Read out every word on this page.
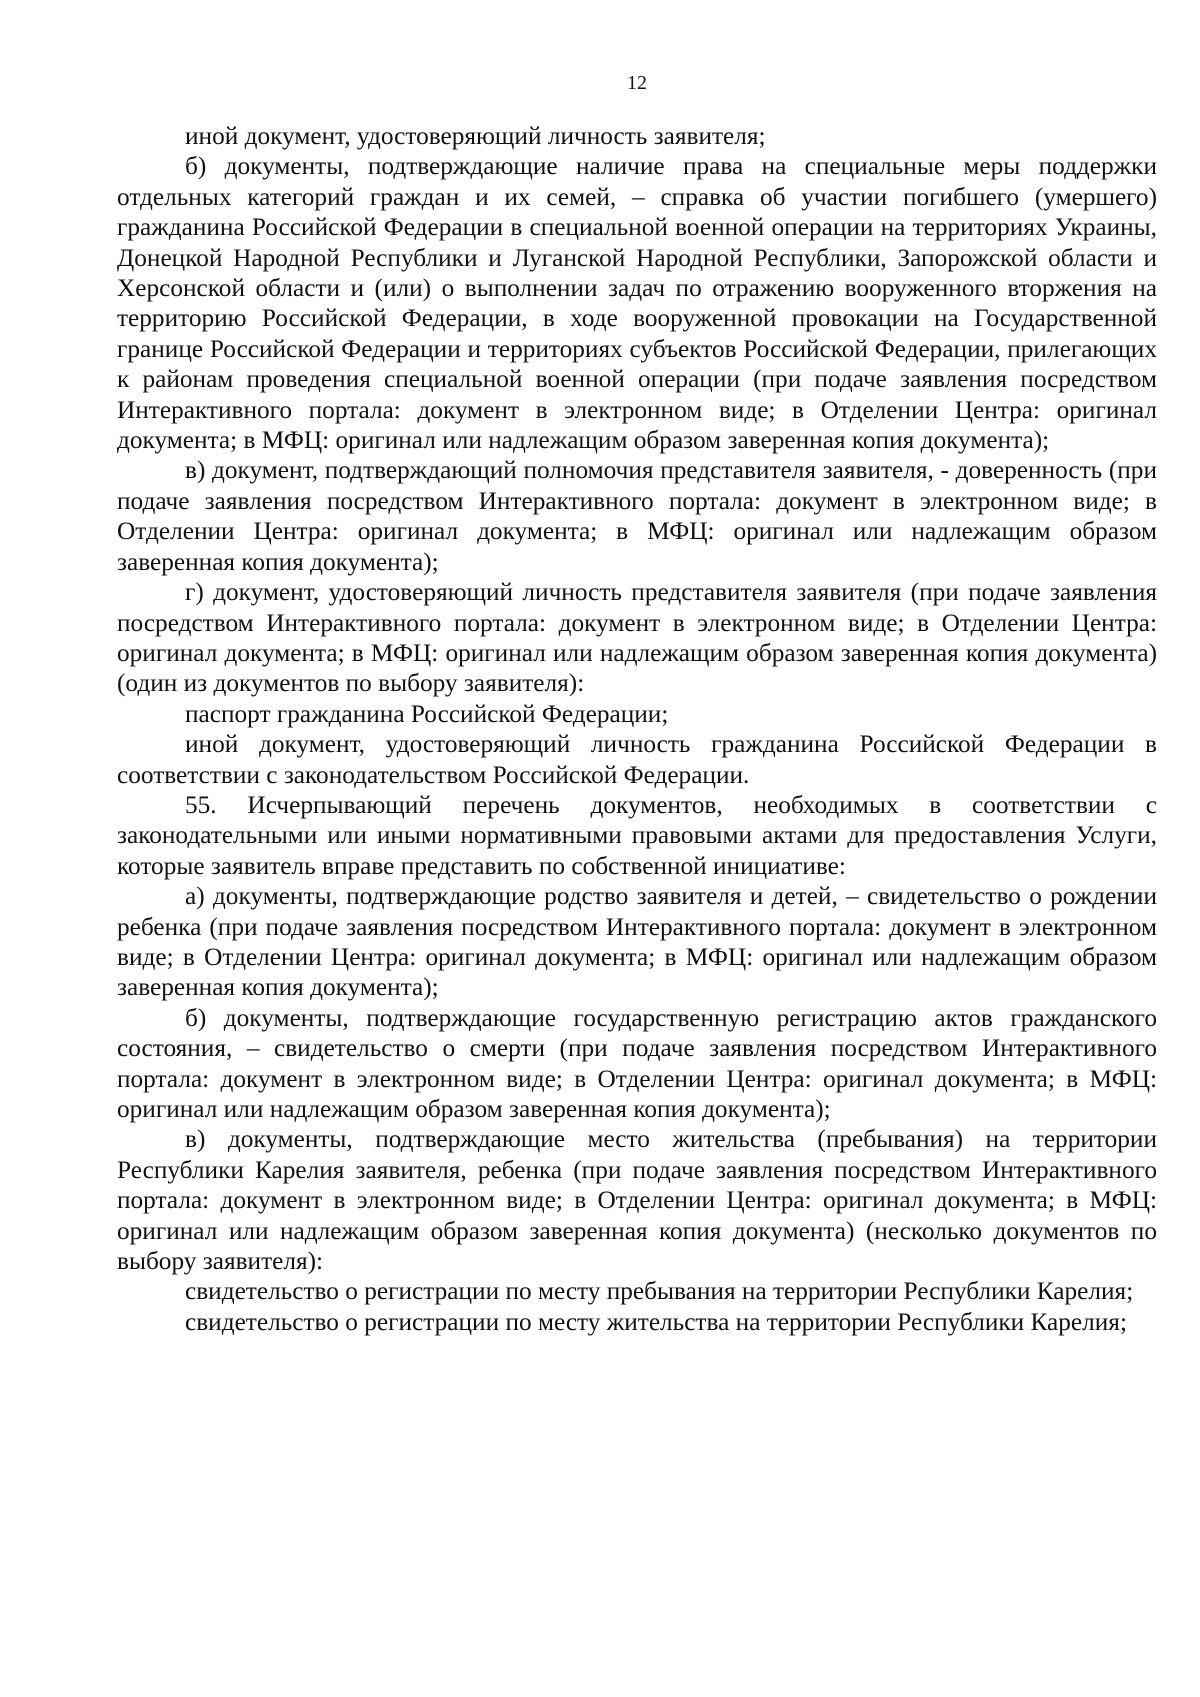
12

иной документ, удостоверяющий личность заявителя;

б) документы, подтверждающие наличие права на специальные меры поддержки отдельных категорий граждан и их семей, – справка об участии погибшего (умершего) гражданина Российской Федерации в специальной военной операции на территориях Украины, Донецкой Народной Республики и Луганской Народной Республики, Запорожской области и Херсонской области и (или) о выполнении задач по отражению вооруженного вторжения на территорию Российской Федерации, в ходе вооруженной провокации на Государственной границе Российской Федерации и территориях субъектов Российской Федерации, прилегающих к районам проведения специальной военной операции (при подаче заявления посредством Интерактивного портала: документ в электронном виде; в Отделении Центра: оригинал документа; в МФЦ: оригинал или надлежащим образом заверенная копия документа);

в) документ, подтверждающий полномочия представителя заявителя, - доверенность (при подаче заявления посредством Интерактивного портала: документ в электронном виде; в Отделении Центра: оригинал документа; в МФЦ: оригинал или надлежащим образом заверенная копия документа);

г) документ, удостоверяющий личность представителя заявителя (при подаче заявления посредством Интерактивного портала: документ в электронном виде; в Отделении Центра: оригинал документа; в МФЦ: оригинал или надлежащим образом заверенная копия документа) (один из документов по выбору заявителя):

паспорт гражданина Российской Федерации;

иной документ, удостоверяющий личность гражданина Российской Федерации в соответствии с законодательством Российской Федерации.

55. Исчерпывающий перечень документов, необходимых в соответствии с законодательными или иными нормативными правовыми актами для предоставления Услуги, которые заявитель вправе представить по собственной инициативе:

а) документы, подтверждающие родство заявителя и детей, – свидетельство о рождении ребенка (при подаче заявления посредством Интерактивного портала: документ в электронном виде; в Отделении Центра: оригинал документа; в МФЦ: оригинал или надлежащим образом заверенная копия документа);

б) документы, подтверждающие государственную регистрацию актов гражданского состояния, – свидетельство о смерти (при подаче заявления посредством Интерактивного портала: документ в электронном виде; в Отделении Центра: оригинал документа; в МФЦ: оригинал или надлежащим образом заверенная копия документа);

в) документы, подтверждающие место жительства (пребывания) на территории Республики Карелия заявителя, ребенка (при подаче заявления посредством Интерактивного портала: документ в электронном виде; в Отделении Центра: оригинал документа; в МФЦ: оригинал или надлежащим образом заверенная копия документа) (несколько документов по выбору заявителя):

свидетельство о регистрации по месту пребывания на территории Республики Карелия;

свидетельство о регистрации по месту жительства на территории Республики Карелия;
